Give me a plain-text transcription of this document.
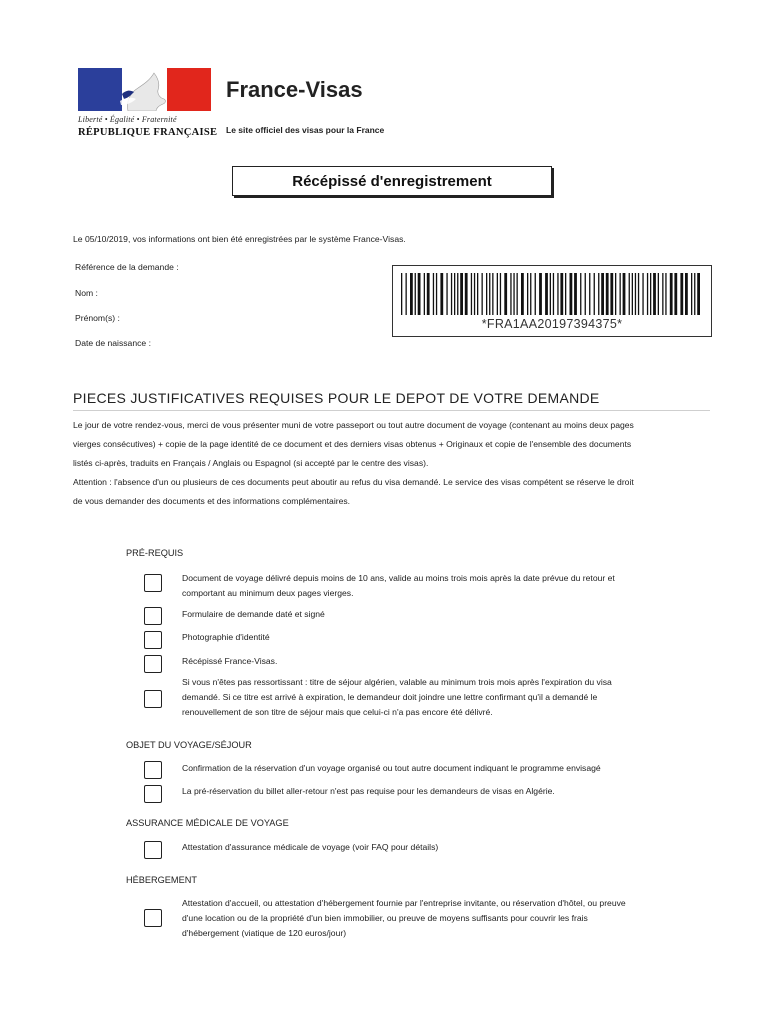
Liberté • Égalité • Fraternité
RÉPUBLIQUE FRANÇAISE
France-Visas
Le site officiel des visas pour la France
Récépissé d'enregistrement
Le 05/10/2019, vos informations ont bien été enregistrées par le système France-Visas.
Référence de la demande :
Nom :
Prénom(s) :
Date de naissance :
*FRA1AA20197394375*
PIECES JUSTIFICATIVES REQUISES POUR LE DEPOT DE VOTRE DEMANDE
Le jour de votre rendez-vous, merci de vous présenter muni de votre passeport ou tout autre document de voyage (contenant au moins deux pages
vierges consécutives) + copie de la page identité de ce document et des derniers visas obtenus + Originaux et copie de l'ensemble des documents
listés ci-après, traduits en Français / Anglais ou Espagnol (si accepté par le centre des visas).
Attention : l'absence d'un ou plusieurs de ces documents peut aboutir au refus du visa demandé. Le service des visas compétent se réserve le droit
de vous demander des documents et des informations complémentaires.
PRÉ-REQUIS
Document de voyage délivré depuis moins de 10 ans, valide au moins trois mois après la date prévue du retour et
comportant au minimum deux pages vierges.
Formulaire de demande daté et signé
Photographie d'identité
Récépissé France-Visas.
Si vous n'êtes pas ressortissant : titre de séjour algérien, valable au minimum trois mois après l'expiration du visa
demandé. Si ce titre est arrivé à expiration, le demandeur doit joindre une lettre confirmant qu'il a demandé le
renouvellement de son titre de séjour mais que celui-ci n'a pas encore été délivré.
OBJET DU VOYAGE/SÉJOUR
Confirmation de la réservation d'un voyage organisé ou tout autre document indiquant le programme envisagé
La pré-réservation du billet aller-retour n'est pas requise pour les demandeurs de visas en Algérie.
ASSURANCE MÉDICALE DE VOYAGE
Attestation d'assurance médicale de voyage (voir FAQ pour détails)
HÉBERGEMENT
Attestation d'accueil, ou attestation d'hébergement fournie par l'entreprise invitante, ou réservation d'hôtel, ou preuve
d'une location ou de la propriété d'un bien immobilier, ou preuve de moyens suffisants pour couvrir les frais
d'hébergement (viatique de 120 euros/jour)
